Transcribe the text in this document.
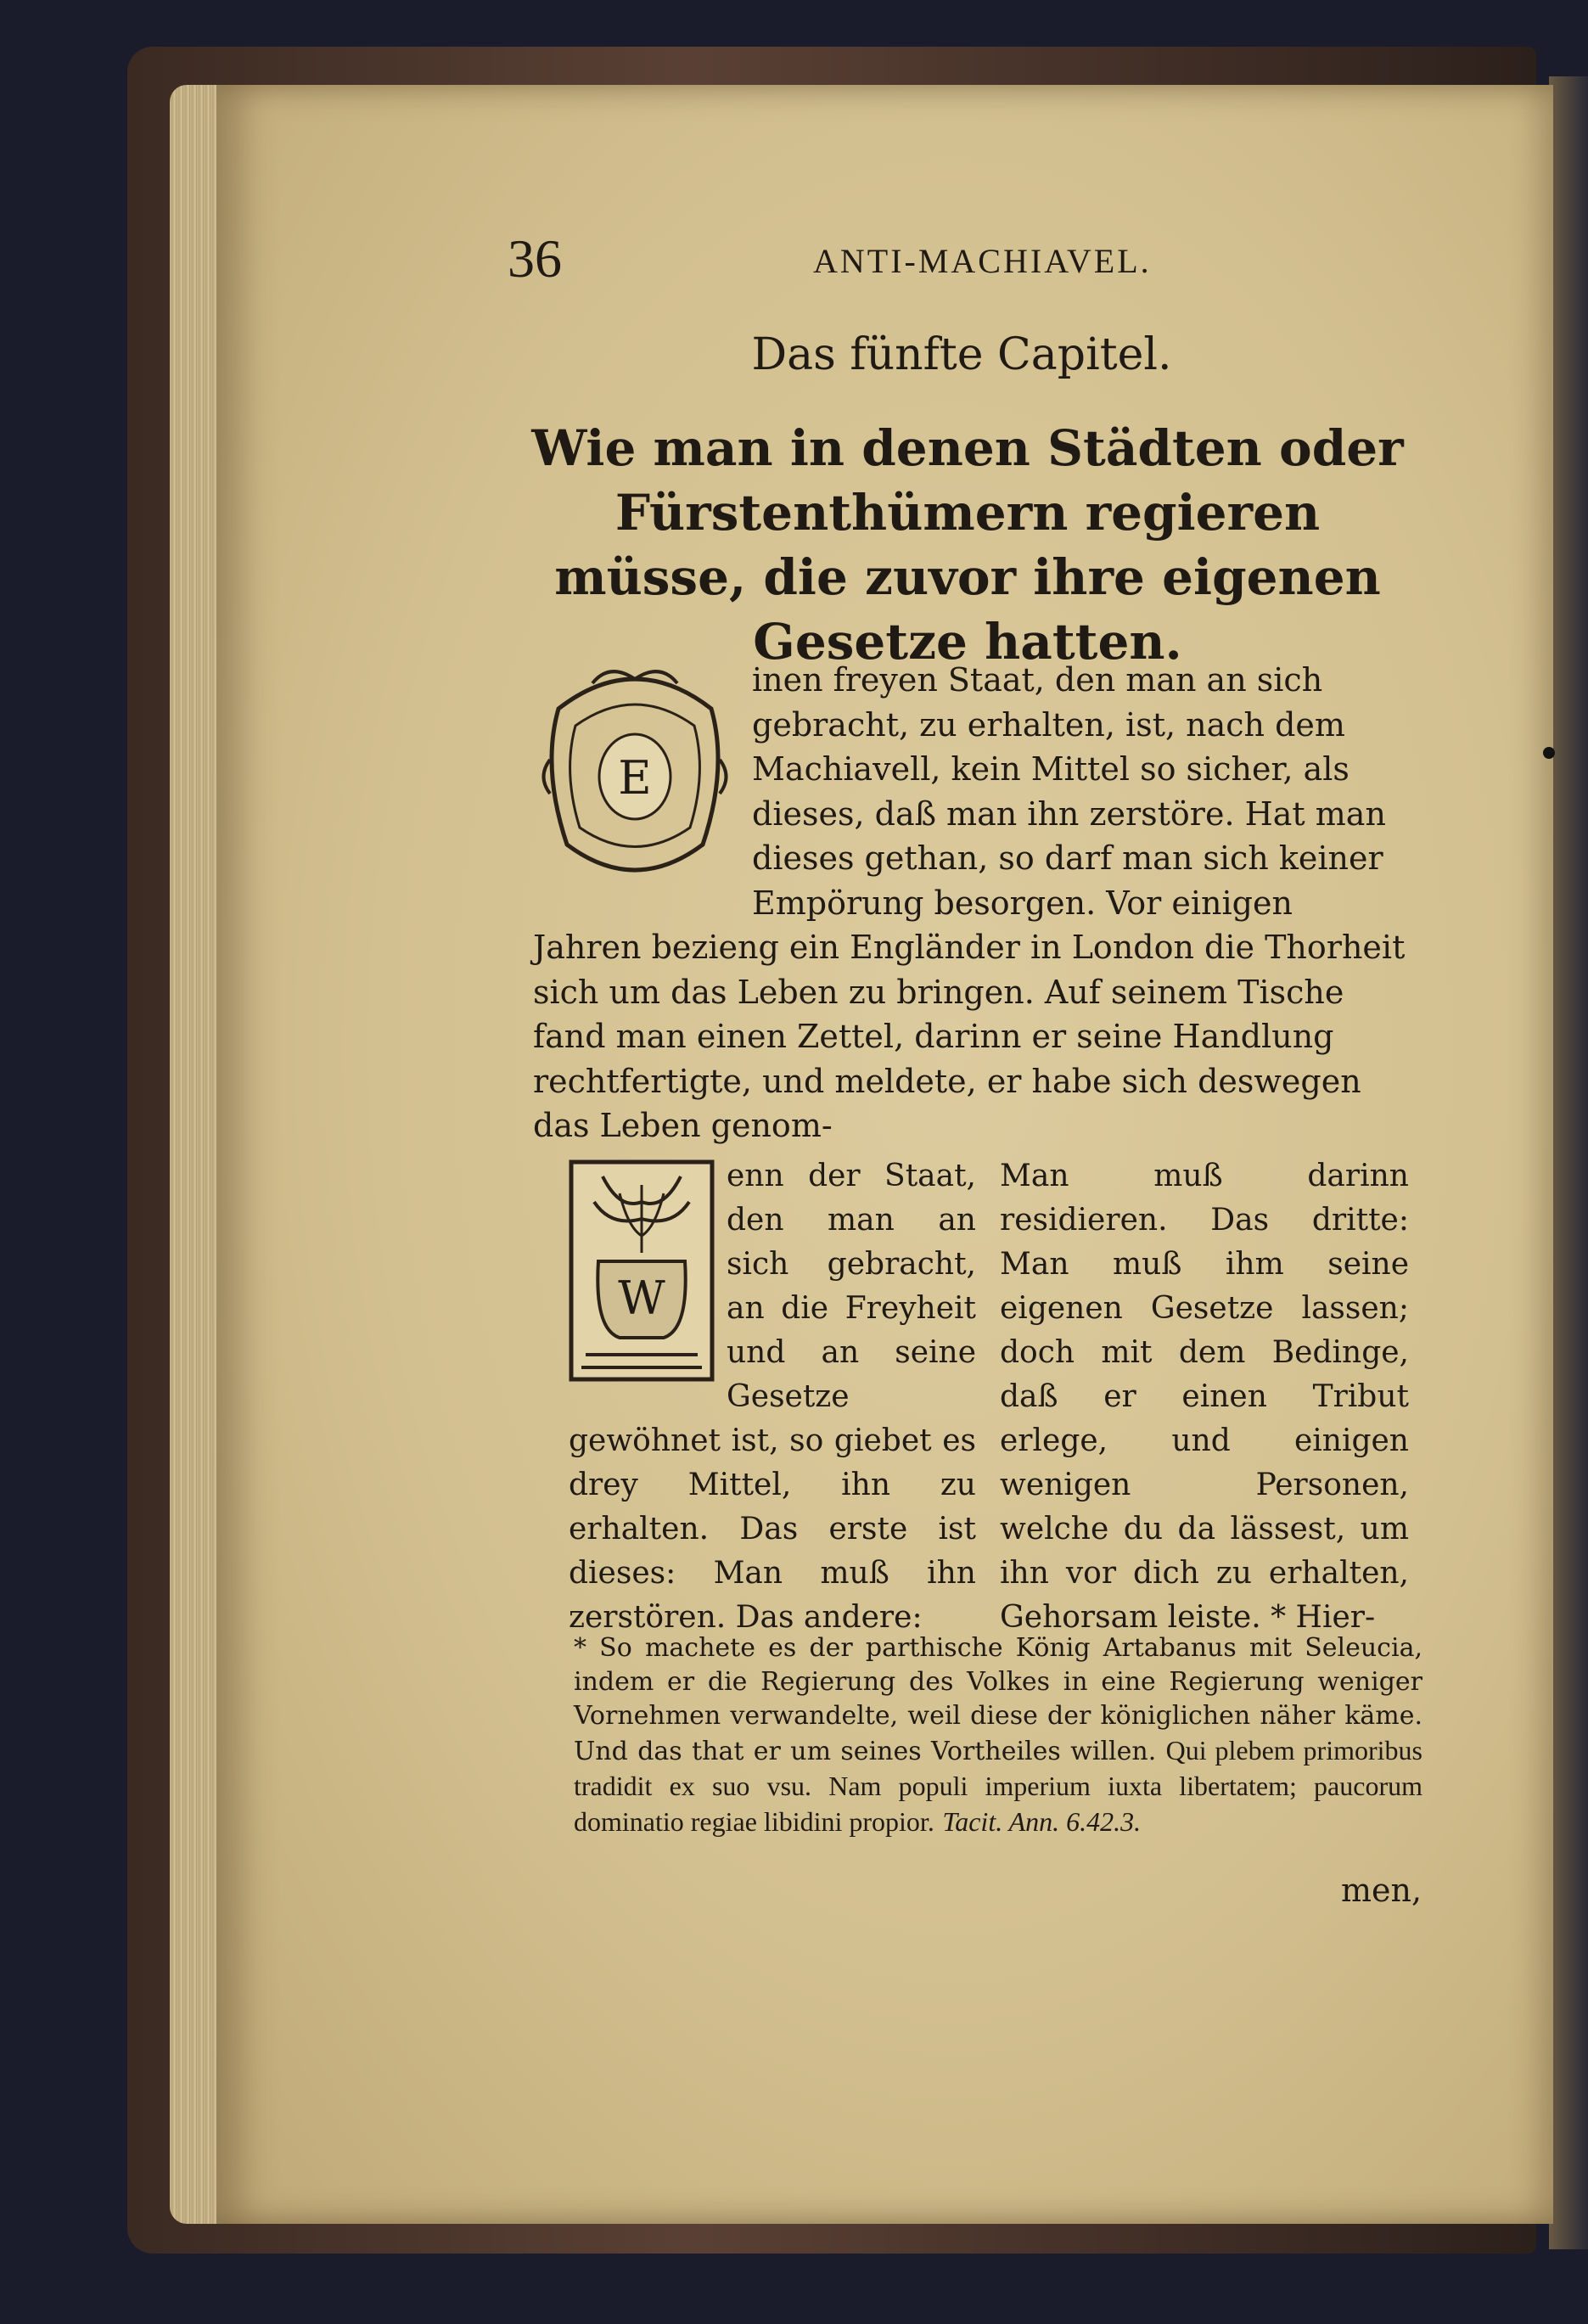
36	ANTI-MACHIAVEL.
Das fünfte Capitel.
Wie man in denen Städten oder Fürstenthümern regieren müsse, die zuvor ihre eigenen Gesetze hatten.
E
inen freyen Staat, den man an sich gebracht, zu erhalten, ist, nach dem Machiavell, kein Mittel so sicher, als dieses, daß man ihn zerstöre. Hat man dieses gethan, so darf man sich keiner Empörung besorgen. Vor einigen Jahren bezieng ein Engländer in London die Thorheit sich um das Leben zu bringen. Auf seinem Tische fand man einen Zettel, darinn er seine Handlung rechtfertigte, und meldete, er habe sich deswegen das Leben genom-
W
enn der Staat, den man an sich gebracht, an die Freyheit und an seine Gesetze gewöhnet ist, so giebet es drey Mittel, ihn zu erhalten. Das erste ist dieses: Man muß ihn zerstören. Das andere:
Man muß darinn residieren. Das dritte: Man muß ihm seine eigenen Gesetze lassen; doch mit dem Bedinge, daß er einen Tribut erlege, und einigen wenigen Personen, welche du da lässest, um ihn vor dich zu erhalten, Gehorsam leiste. * Hier-
* So machete es der parthische König Artabanus mit Seleucia, indem er die Regierung des Volkes in eine Regierung weniger Vornehmen verwandelte, weil diese der königlichen näher käme. Und das that er um seines Vortheiles willen. Qui plebem primoribus tradidit ex suo vsu. Nam populi imperium iuxta libertatem; paucorum dominatio regiae libidini propior. Tacit. Ann. 6.42.3.
men,
